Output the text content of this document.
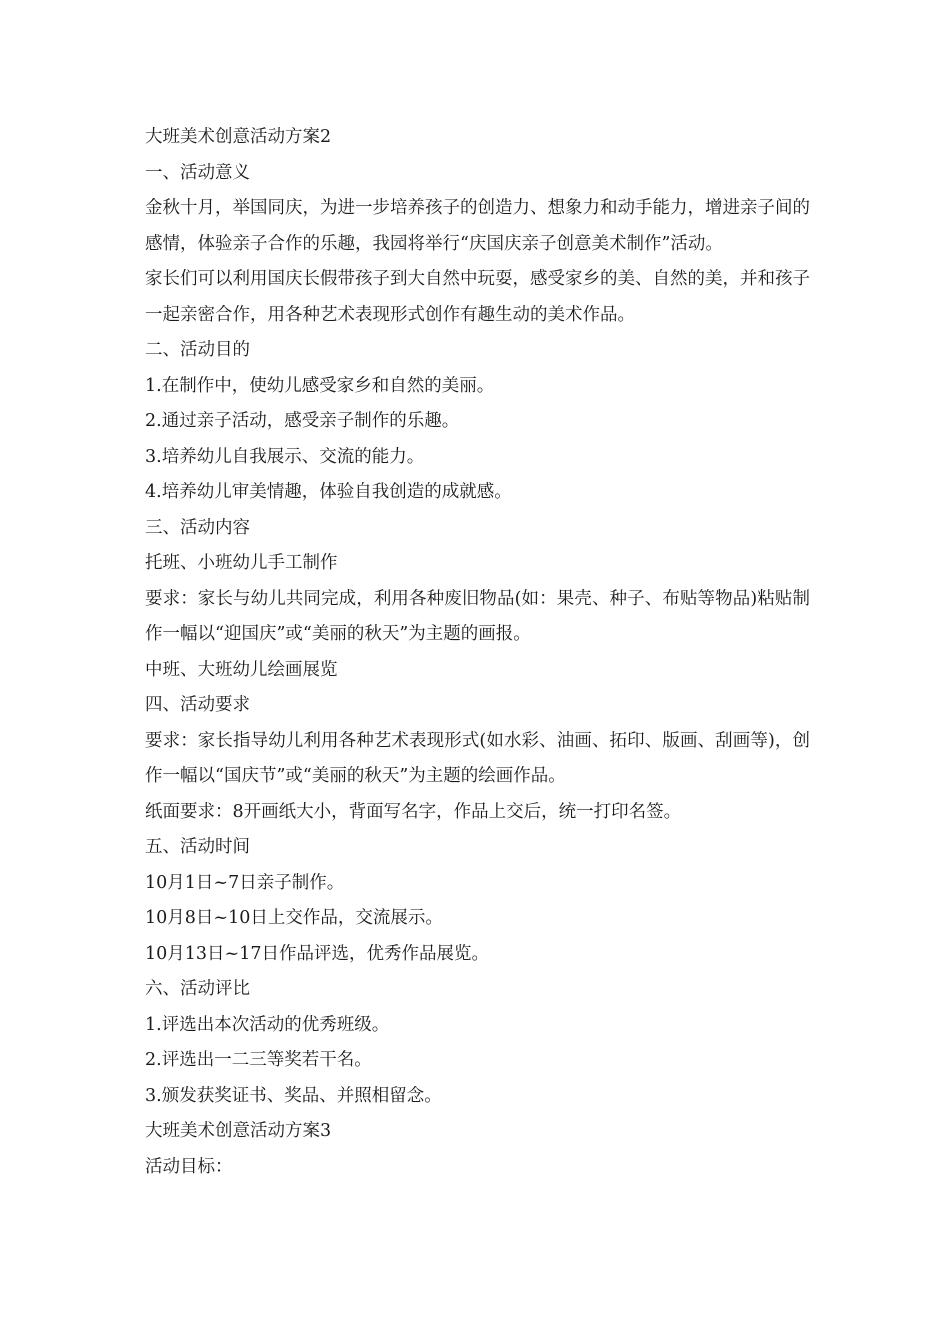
大班美术创意活动方案2

一、活动意义

金秋十月，举国同庆，为进一步培养孩子的创造力、想象力和动手能力，增进亲子间的感情，体验亲子合作的乐趣，我园将举行“庆国庆亲子创意美术制作”活动。

家长们可以利用国庆长假带孩子到大自然中玩耍，感受家乡的美、自然的美，并和孩子一起亲密合作，用各种艺术表现形式创作有趣生动的美术作品。

二、活动目的

1.在制作中，使幼儿感受家乡和自然的美丽。

2.通过亲子活动，感受亲子制作的乐趣。

3.培养幼儿自我展示、交流的能力。

4.培养幼儿审美情趣，体验自我创造的成就感。

三、活动内容

托班、小班幼儿手工制作

要求：家长与幼儿共同完成，利用各种废旧物品(如：果壳、种子、布贴等物品)粘贴制作一幅以“迎国庆”或“美丽的秋天”为主题的画报。

中班、大班幼儿绘画展览

四、活动要求

要求：家长指导幼儿利用各种艺术表现形式(如水彩、油画、拓印、版画、刮画等)，创作一幅以“国庆节”或“美丽的秋天”为主题的绘画作品。

纸面要求：8开画纸大小，背面写名字，作品上交后，统一打印名签。

五、活动时间

10月1日~7日亲子制作。

10月8日~10日上交作品，交流展示。

10月13日~17日作品评选，优秀作品展览。

六、活动评比

1.评选出本次活动的优秀班级。

2.评选出一二三等奖若干名。

3.颁发获奖证书、奖品、并照相留念。

大班美术创意活动方案3

活动目标：
